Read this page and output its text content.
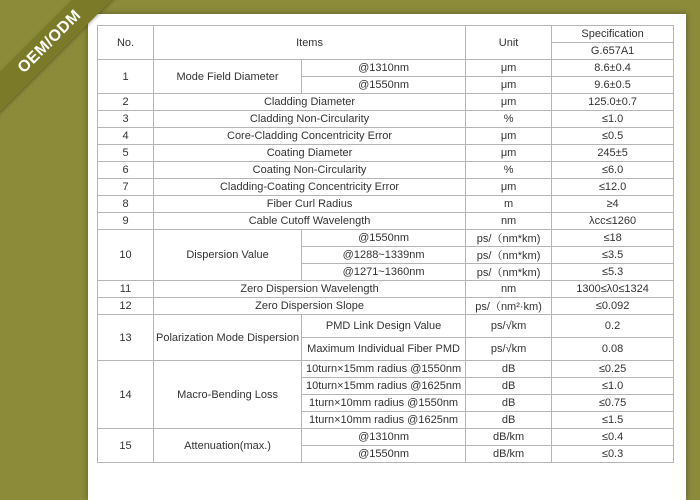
OEM/ODM	No.	Items		Unit	Specification
				G.657A1
1	Mode Field Diameter	@1310nm	μm	8.6±0.4
		@1550nm	μm	9.6±0.5
2	Cladding Diameter		μm	125.0±0.7
3	Cladding Non-Circularity		%	≤1.0
4	Core-Cladding Concentricity Error		μm	≤0.5
5	Coating Diameter		μm	245±5
6	Coating Non-Circularity		%	≤6.0
7	Cladding-Coating Concentricity Error		μm	≤12.0
8	Fiber Curl Radius		m	≥4
9	Cable Cutoff Wavelength		nm	λcc≤1260
10	Dispersion Value	@1550nm	ps/（nm*km)	≤18
		@1288~1339nm	ps/（nm*km)	≤3.5
		@1271~1360nm	ps/（nm*km)	≤5.3
11	Zero Dispersion Wavelength		nm	1300≤λ0≤1324
12	Zero Dispersion Slope		ps/（nm²·km)	≤0.092
13	Polarization Mode Dispersion	PMD Link Design Value	ps/√km	0.2
		Maximum Individual Fiber PMD	ps/√km	0.08
14	Macro-Bending Loss	10turn×15mm radius @1550nm	dB	≤0.25
		10turn×15mm radius @1625nm	dB	≤1.0
		1turn×10mm radius @1550nm	dB	≤0.75
		1turn×10mm radius @1625nm	dB	≤1.5
15	Attenuation(max.)	@1310nm	dB/km	≤0.4
		@1550nm	dB/km	≤0.3
